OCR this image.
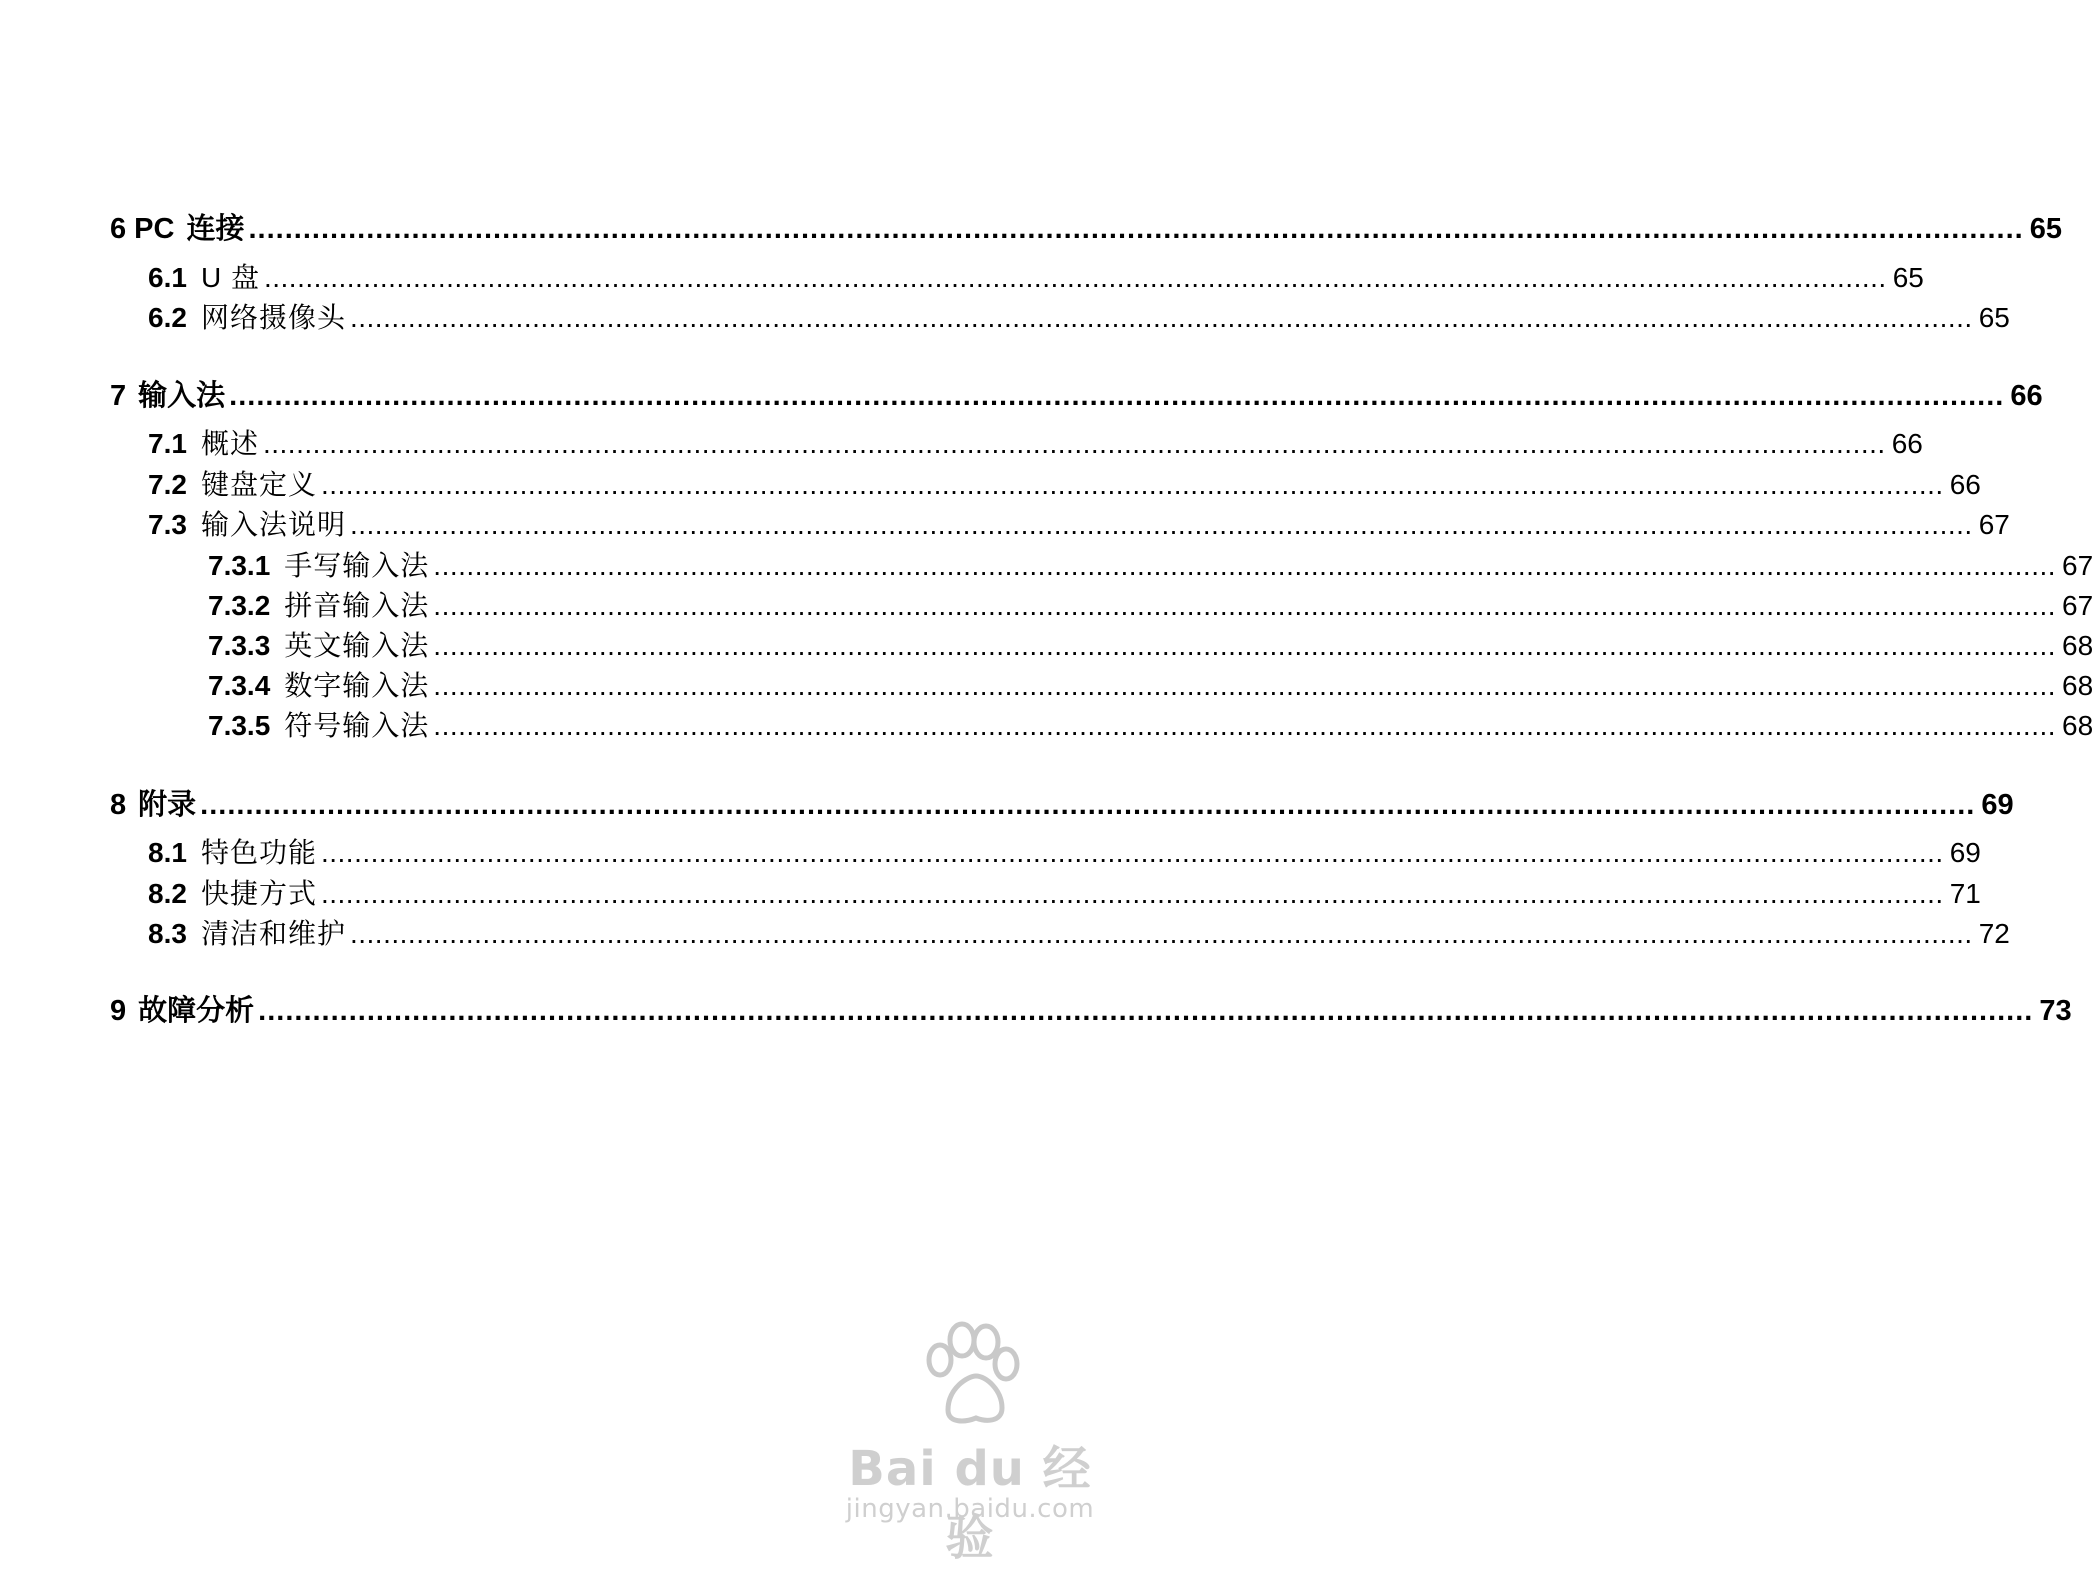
6 PC 连接 .................................................................................................................................................................................................... 65
6.1 U 盘 .................................................................................................................................................................................................... 65
6.2 网络摄像头 .................................................................................................................................................................................................... 65
7 输入法 .................................................................................................................................................................................................... 66
7.1 概述 .................................................................................................................................................................................................... 66
7.2 键盘定义 .................................................................................................................................................................................................... 66
7.3 输入法说明 .................................................................................................................................................................................................... 67
7.3.1 手写输入法 .................................................................................................................................................................................................... 67
7.3.2 拼音输入法 .................................................................................................................................................................................................... 67
7.3.3 英文输入法 .................................................................................................................................................................................................... 68
7.3.4 数字输入法 .................................................................................................................................................................................................... 68
7.3.5 符号输入法 .................................................................................................................................................................................................... 68
8 附录 .................................................................................................................................................................................................... 69
8.1 特色功能 .................................................................................................................................................................................................... 69
8.2 快捷方式 .................................................................................................................................................................................................... 71
8.3 清洁和维护 .................................................................................................................................................................................................... 72
9 故障分析 .................................................................................................................................................................................................... 73
Bai du 经验
jingyan.baidu.com
